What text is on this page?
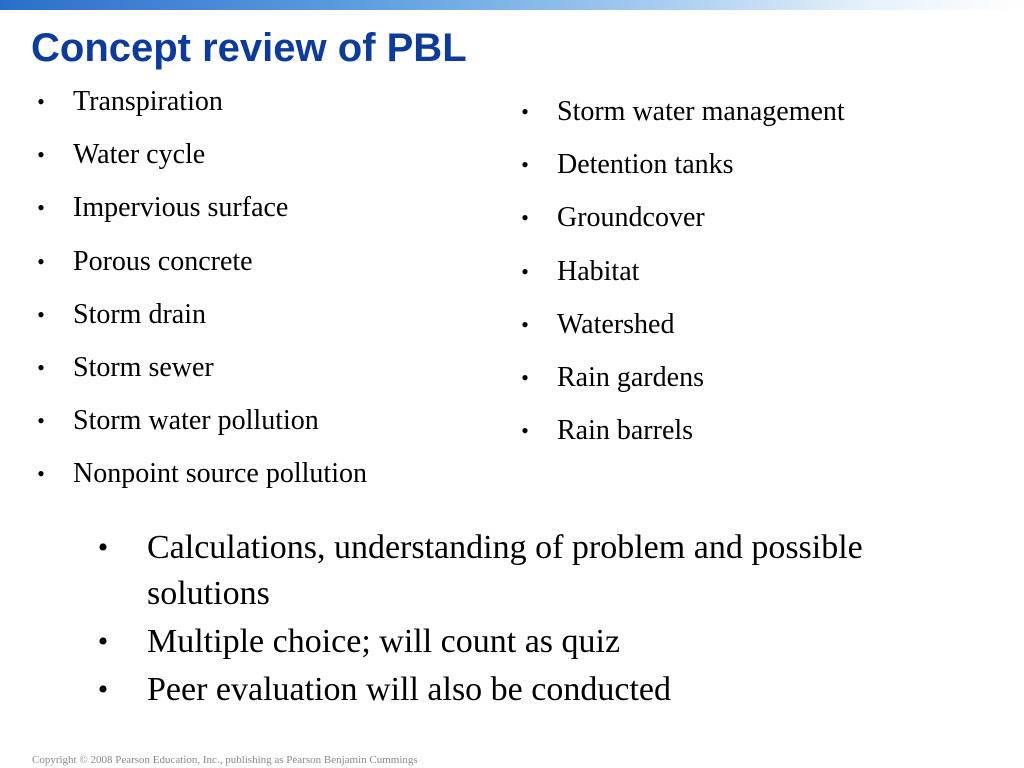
Concept review of PBL
• Transpiration
• Water cycle
• Impervious surface
• Porous concrete
• Storm drain
• Storm sewer
• Storm water pollution
• Nonpoint source pollution
• Storm water management
• Detention tanks
• Groundcover
• Habitat
• Watershed
• Rain gardens
• Rain barrels
• Calculations, understanding of problem and possible solutions
• Multiple choice; will count as quiz
• Peer evaluation will also be conducted
Copyright © 2008 Pearson Education, Inc., publishing as Pearson Benjamin Cummings
